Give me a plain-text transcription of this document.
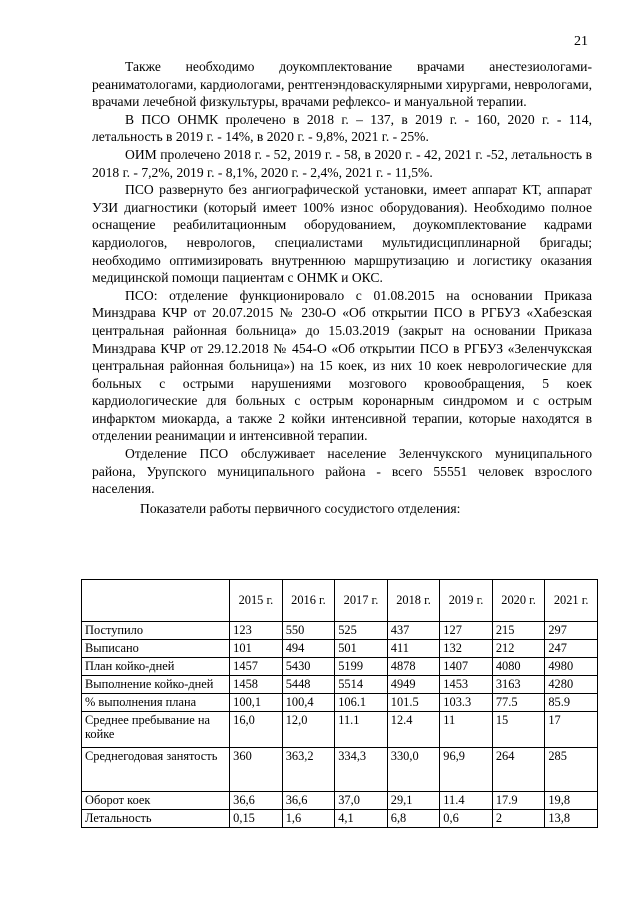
21

Также необходимо доукомплектование врачами анестезиологами-реаниматологами, кардиологами, рентгенэндоваскулярными хирургами, неврологами, врачами лечебной физкультуры, врачами рефлексо- и мануальной терапии.

В ПСО ОНМК пролечено в 2018 г. – 137, в 2019 г. - 160, 2020 г. - 114, летальность в 2019 г. - 14%, в 2020 г. - 9,8%, 2021 г. - 25%.

ОИМ пролечено 2018 г. - 52, 2019 г. - 58, в 2020 г. - 42, 2021 г. -52, летальность в 2018 г. - 7,2%, 2019 г. - 8,1%, 2020 г. - 2,4%, 2021 г. - 11,5%.

ПСО развернуто без ангиографической установки, имеет аппарат КТ, аппарат УЗИ диагностики (который имеет 100% износ оборудования). Необходимо полное оснащение реабилитационным оборудованием, доукомплектование кадрами кардиологов, неврологов, специалистами мультидисциплинарной бригады; необходимо оптимизировать внутреннюю маршрутизацию и логистику оказания медицинской помощи пациентам с ОНМК и ОКС.

ПСО: отделение функционировало с 01.08.2015 на основании Приказа Минздрава КЧР от 20.07.2015 № 230-О «Об открытии ПСО в РГБУЗ «Хабезская центральная районная больница» до 15.03.2019 (закрыт на основании Приказа Минздрава КЧР от 29.12.2018 № 454-О «Об открытии ПСО в РГБУЗ «Зеленчукская центральная районная больница») на 15 коек, из них 10 коек неврологические для больных с острыми нарушениями мозгового кровообращения, 5 коек кардиологические для больных с острым коронарным синдромом и с острым инфарктом миокарда, а также 2 койки интенсивной терапии, которые находятся в отделении реанимации и интенсивной терапии.

Отделение ПСО обслуживает население Зеленчукского муниципального района, Урупского муниципального района - всего 55551 человек взрослого населения.

Показатели работы первичного сосудистого отделения:

	2015 г.	2016 г.	2017 г.	2018 г.	2019 г.	2020 г.	2021 г.
Поступило	123	550	525	437	127	215	297
Выписано	101	494	501	411	132	212	247
План койко-дней	1457	5430	5199	4878	1407	4080	4980
Выполнение койко-дней	1458	5448	5514	4949	1453	3163	4280
% выполнения плана	100,1	100,4	106.1	101.5	103.3	77.5	85.9
Среднее пребывание на койке	16,0	12,0	11.1	12.4	11	15	17
Среднегодовая занятость	360	363,2	334,3	330,0	96,9	264	285
Оборот коек	36,6	36,6	37,0	29,1	11.4	17.9	19,8
Летальность	0,15	1,6	4,1	6,8	0,6	2	13,8
